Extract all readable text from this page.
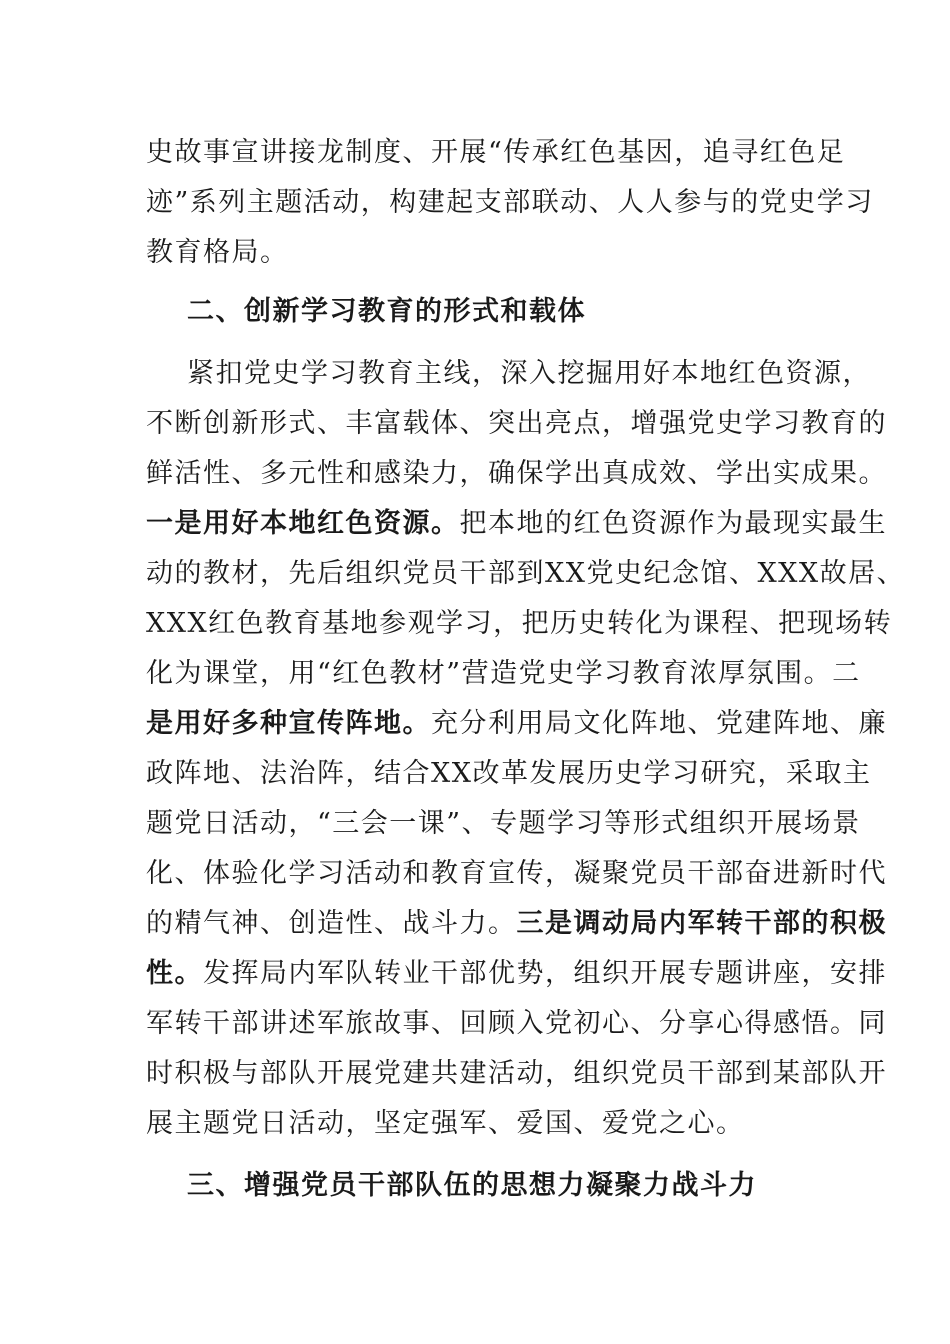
史故事宣讲接龙制度、开展“传承红色基因，追寻红色足
迹”系列主题活动，构建起支部联动、人人参与的党史学习
教育格局。
二、创新学习教育的形式和载体
紧扣党史学习教育主线，深入挖掘用好本地红色资源，
不断创新形式、丰富载体、突出亮点，增强党史学习教育的
鲜活性、多元性和感染力，确保学出真成效、学出实成果。
一是用好本地红色资源。把本地的红色资源作为最现实最生
动的教材，先后组织党员干部到XX党史纪念馆、XXX故居、
XXX红色教育基地参观学习，把历史转化为课程、把现场转
化为课堂，用“红色教材”营造党史学习教育浓厚氛围。二
是用好多种宣传阵地。充分利用局文化阵地、党建阵地、廉
政阵地、法治阵，结合XX改革发展历史学习研究，采取主
题党日活动，“三会一课”、专题学习等形式组织开展场景
化、体验化学习活动和教育宣传，凝聚党员干部奋进新时代
的精气神、创造性、战斗力。三是调动局内军转干部的积极
性。发挥局内军队转业干部优势，组织开展专题讲座，安排
军转干部讲述军旅故事、回顾入党初心、分享心得感悟。同
时积极与部队开展党建共建活动，组织党员干部到某部队开
展主题党日活动，坚定强军、爱国、爱党之心。
三、增强党员干部队伍的思想力凝聚力战斗力
